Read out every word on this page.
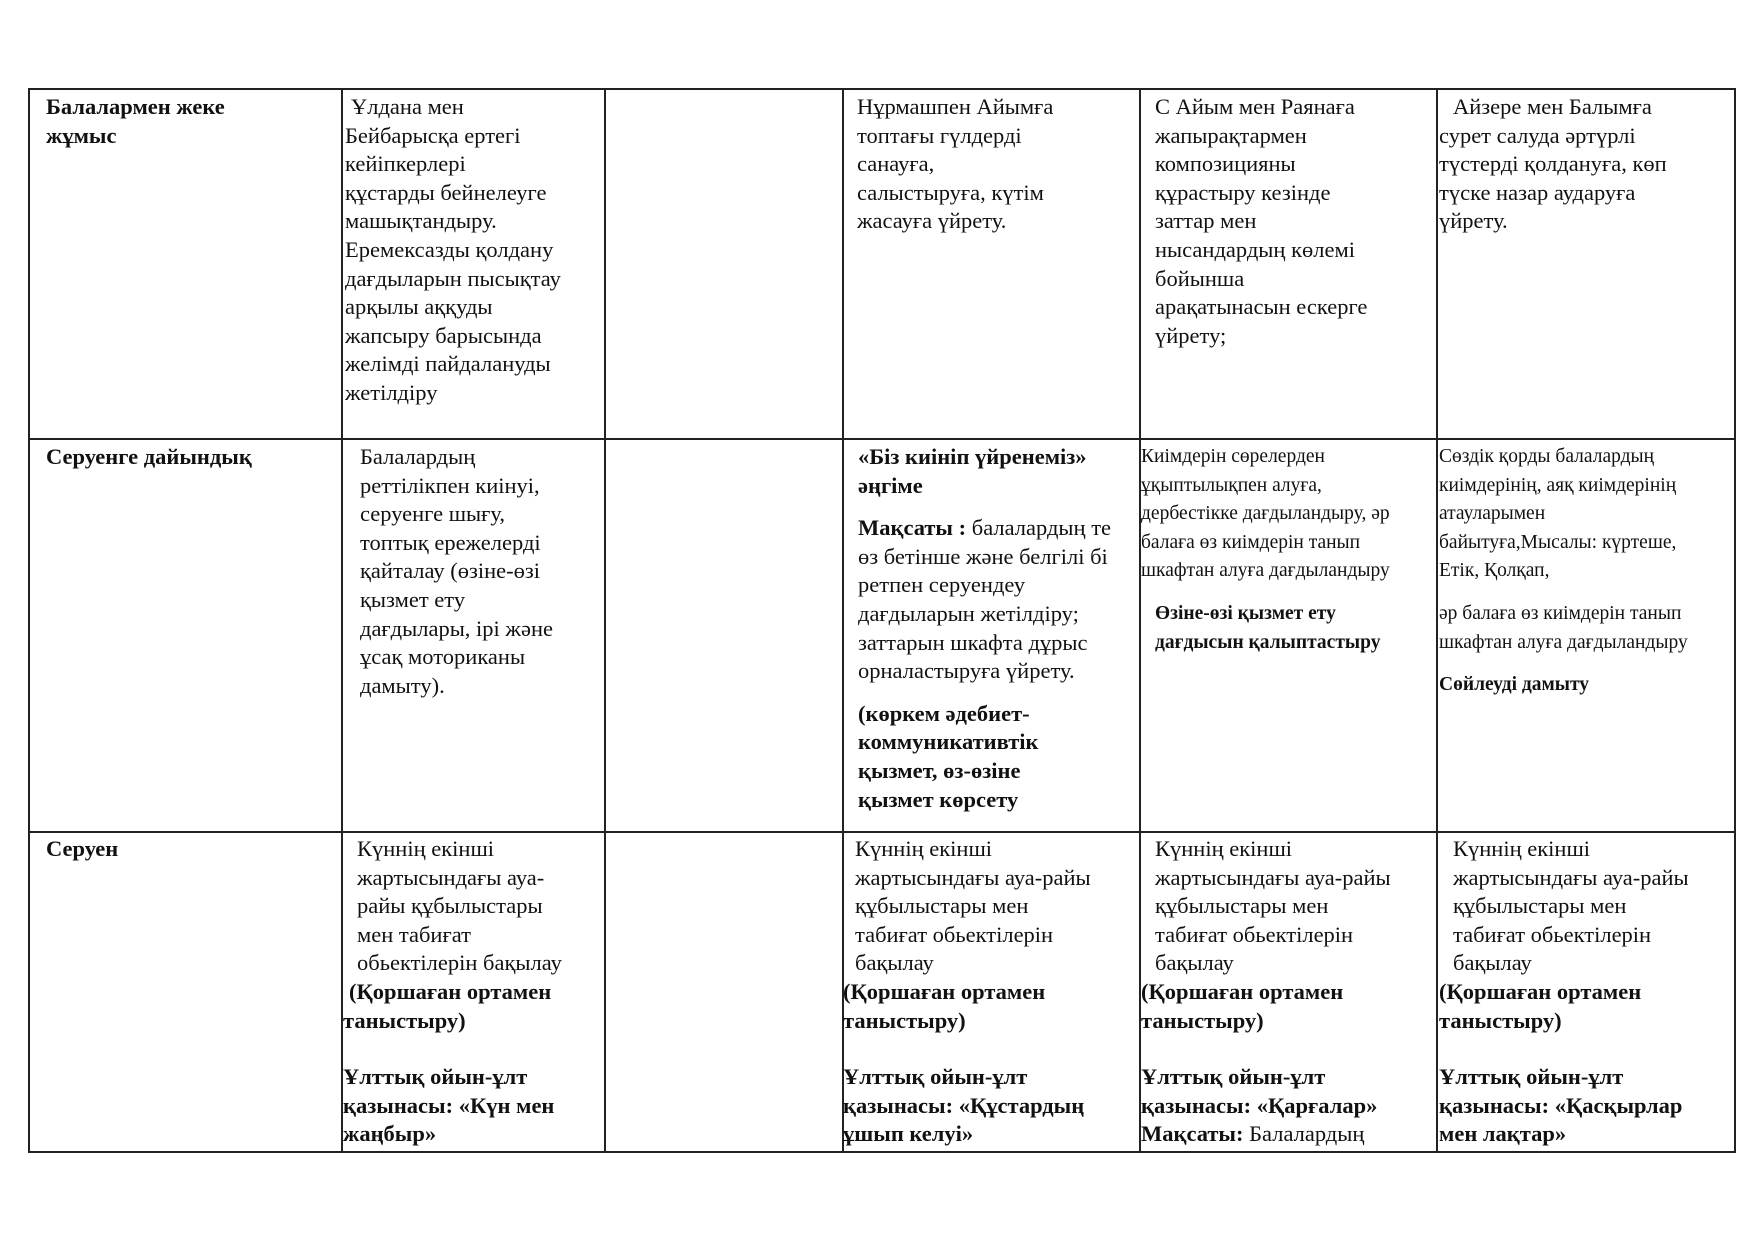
Балалармен жеке

жұмыс

Ұлдана мен

Бейбарысқа ертегі

кейіпкерлері

құстарды бейнелеуге

машықтандыру.

Еремексазды қолдану

дағдыларын пысықтау

арқылы аққуды

жапсыру барысында

желімді пайдалануды

жетілдіру

Нұрмашпен Айымға

топтағы гүлдерді

санауға,

салыстыруға, күтім

жасауға үйрету.

С Айым мен Раянаға

жапырақтармен

композицияны

құрастыру кезінде

заттар мен

нысандардың көлемі

бойынша

арақатынасын ескерге

үйрету;

Айзере мен Балымға

сурет салуда әртүрлі

түстерді қолдануға, көп

түске назар аударуға

үйрету.

Серуенге дайындық	Балалардың

реттілікпен киінуі,

серуенге шығу,

топтық ережелерді

қайталау (өзіне-өзі

қызмет ету

дағдылары, ірі және

ұсақ моториканы

дамыту).

«Біз киініп үйренеміз»

әңгіме

Мақсаты : балалардың те

өз бетінше және белгілі бі

ретпен серуендеу

дағдыларын жетілдіру;

заттарын шкафта дұрыс

орналастыруға үйрету.

(көркем әдебиет-

коммуникативтік

қызмет, өз-өзіне

қызмет көрсету

Киімдерін сөрелерден

ұқыптылықпен алуға,

дербестікке дағдыландыру, әр

балаға өз киімдерін танып

шкафтан алуға дағдыландыру

Өзіне-өзі қызмет ету

дағдысын қалыптастыру

Сөздік қорды балалардың

киімдерінің, аяқ киімдерінің

атауларымен

байытуға,Мысалы: күртеше,

Етік, Қолқап,

әр балаға өз киімдерін танып

шкафтан алуға дағдыландыру

Сөйлеуді дамыту

Серуен	Күннің екінші

жартысындағы ауа-

райы құбылыстары

мен табиғат

обьектілерін бақылау

(Қоршаған ортамен

таныстыру)

Ұлттық ойын-ұлт

қазынасы: «Күн мен

жаңбыр»

Күннің екінші

жартысындағы ауа-райы

құбылыстары мен

табиғат обьектілерін

бақылау

(Қоршаған ортамен

таныстыру)

Ұлттық ойын-ұлт

қазынасы: «Құстардың

ұшып келуі»

Күннің екінші

жартысындағы ауа-райы

құбылыстары мен

табиғат обьектілерін

бақылау

(Қоршаған ортамен

таныстыру)

Ұлттық ойын-ұлт

қазынасы: «Қарғалар»

Мақсаты: Балалардың

Күннің екінші

жартысындағы ауа-райы

құбылыстары мен

табиғат обьектілерін

бақылау

(Қоршаған ортамен

таныстыру)

Ұлттық ойын-ұлт

қазынасы: «Қасқырлар

мен лақтар»
